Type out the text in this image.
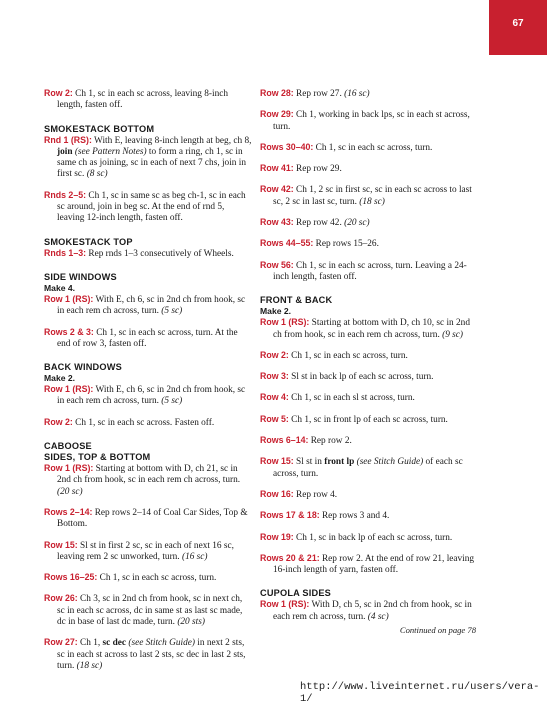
67
Row 2: Ch 1, sc in each sc across, leaving 8-inch length, fasten off.
SMOKESTACK BOTTOM
Rnd 1 (RS): With E, leaving 8-inch length at beg, ch 8, join (see Pattern Notes) to form a ring, ch 1, sc in same ch as joining, sc in each of next 7 chs, join in first sc. (8 sc)
Rnds 2–5: Ch 1, sc in same sc as beg ch-1, sc in each sc around, join in beg sc. At the end of rnd 5, leaving 12-inch length, fasten off.
SMOKESTACK TOP
Rnds 1–3: Rep rnds 1–3 consecutively of Wheels.
SIDE WINDOWS
Make 4.
Row 1 (RS): With E, ch 6, sc in 2nd ch from hook, sc in each rem ch across, turn. (5 sc)
Rows 2 & 3: Ch 1, sc in each sc across, turn. At the end of row 3, fasten off.
BACK WINDOWS
Make 2.
Row 1 (RS): With E, ch 6, sc in 2nd ch from hook, sc in each rem ch across, turn. (5 sc)
Row 2: Ch 1, sc in each sc across. Fasten off.
CABOOSE
SIDES, TOP & BOTTOM
Row 1 (RS): Starting at bottom with D, ch 21, sc in 2nd ch from hook, sc in each rem ch across, turn. (20 sc)
Rows 2–14: Rep rows 2–14 of Coal Car Sides, Top & Bottom.
Row 15: Sl st in first 2 sc, sc in each of next 16 sc, leaving rem 2 sc unworked, turn. (16 sc)
Rows 16–25: Ch 1, sc in each sc across, turn.
Row 26: Ch 3, sc in 2nd ch from hook, sc in next ch, sc in each sc across, dc in same st as last sc made, dc in base of last dc made, turn. (20 sts)
Row 27: Ch 1, sc dec (see Stitch Guide) in next 2 sts, sc in each st across to last 2 sts, sc dec in last 2 sts, turn. (18 sc)
Row 28: Rep row 27. (16 sc)
Row 29: Ch 1, working in back lps, sc in each st across, turn.
Rows 30–40: Ch 1, sc in each sc across, turn.
Row 41: Rep row 29.
Row 42: Ch 1, 2 sc in first sc, sc in each sc across to last sc, 2 sc in last sc, turn. (18 sc)
Row 43: Rep row 42. (20 sc)
Rows 44–55: Rep rows 15–26.
Row 56: Ch 1, sc in each sc across, turn. Leaving a 24-inch length, fasten off.
FRONT & BACK
Make 2.
Row 1 (RS): Starting at bottom with D, ch 10, sc in 2nd ch from hook, sc in each rem ch across, turn. (9 sc)
Row 2: Ch 1, sc in each sc across, turn.
Row 3: Sl st in back lp of each sc across, turn.
Row 4: Ch 1, sc in each sl st across, turn.
Row 5: Ch 1, sc in front lp of each sc across, turn.
Rows 6–14: Rep row 2.
Row 15: Sl st in front lp (see Stitch Guide) of each sc across, turn.
Row 16: Rep row 4.
Rows 17 & 18: Rep rows 3 and 4.
Row 19: Ch 1, sc in back lp of each sc across, turn.
Rows 20 & 21: Rep row 2. At the end of row 21, leaving 16-inch length of yarn, fasten off.
CUPOLA SIDES
Row 1 (RS): With D, ch 5, sc in 2nd ch from hook, sc in each rem ch across, turn. (4 sc)
Continued on page 78
http://www.liveinternet.ru/users/vera-1/
